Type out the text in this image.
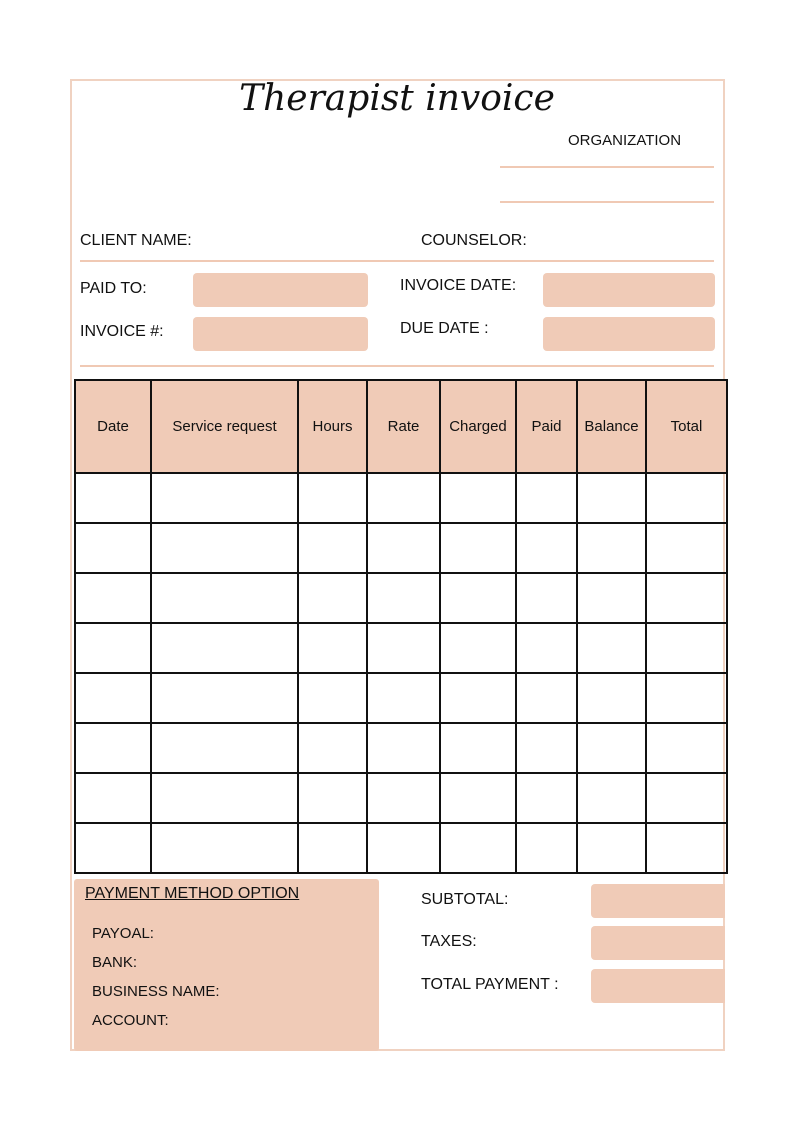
Therapist invoice
ORGANIZATION
CLIENT NAME:	COUNSELOR:
PAID TO:	INVOICE DATE:
INVOICE #:	DUE DATE :
Date	Service request	Hours	Rate	Charged	Paid	Balance	Total

PAYMENT METHOD OPTION
PAYOAL:
BANK:
BUSINESS NAME:
ACCOUNT:
SUBTOTAL:
TAXES:
TOTAL PAYMENT :
